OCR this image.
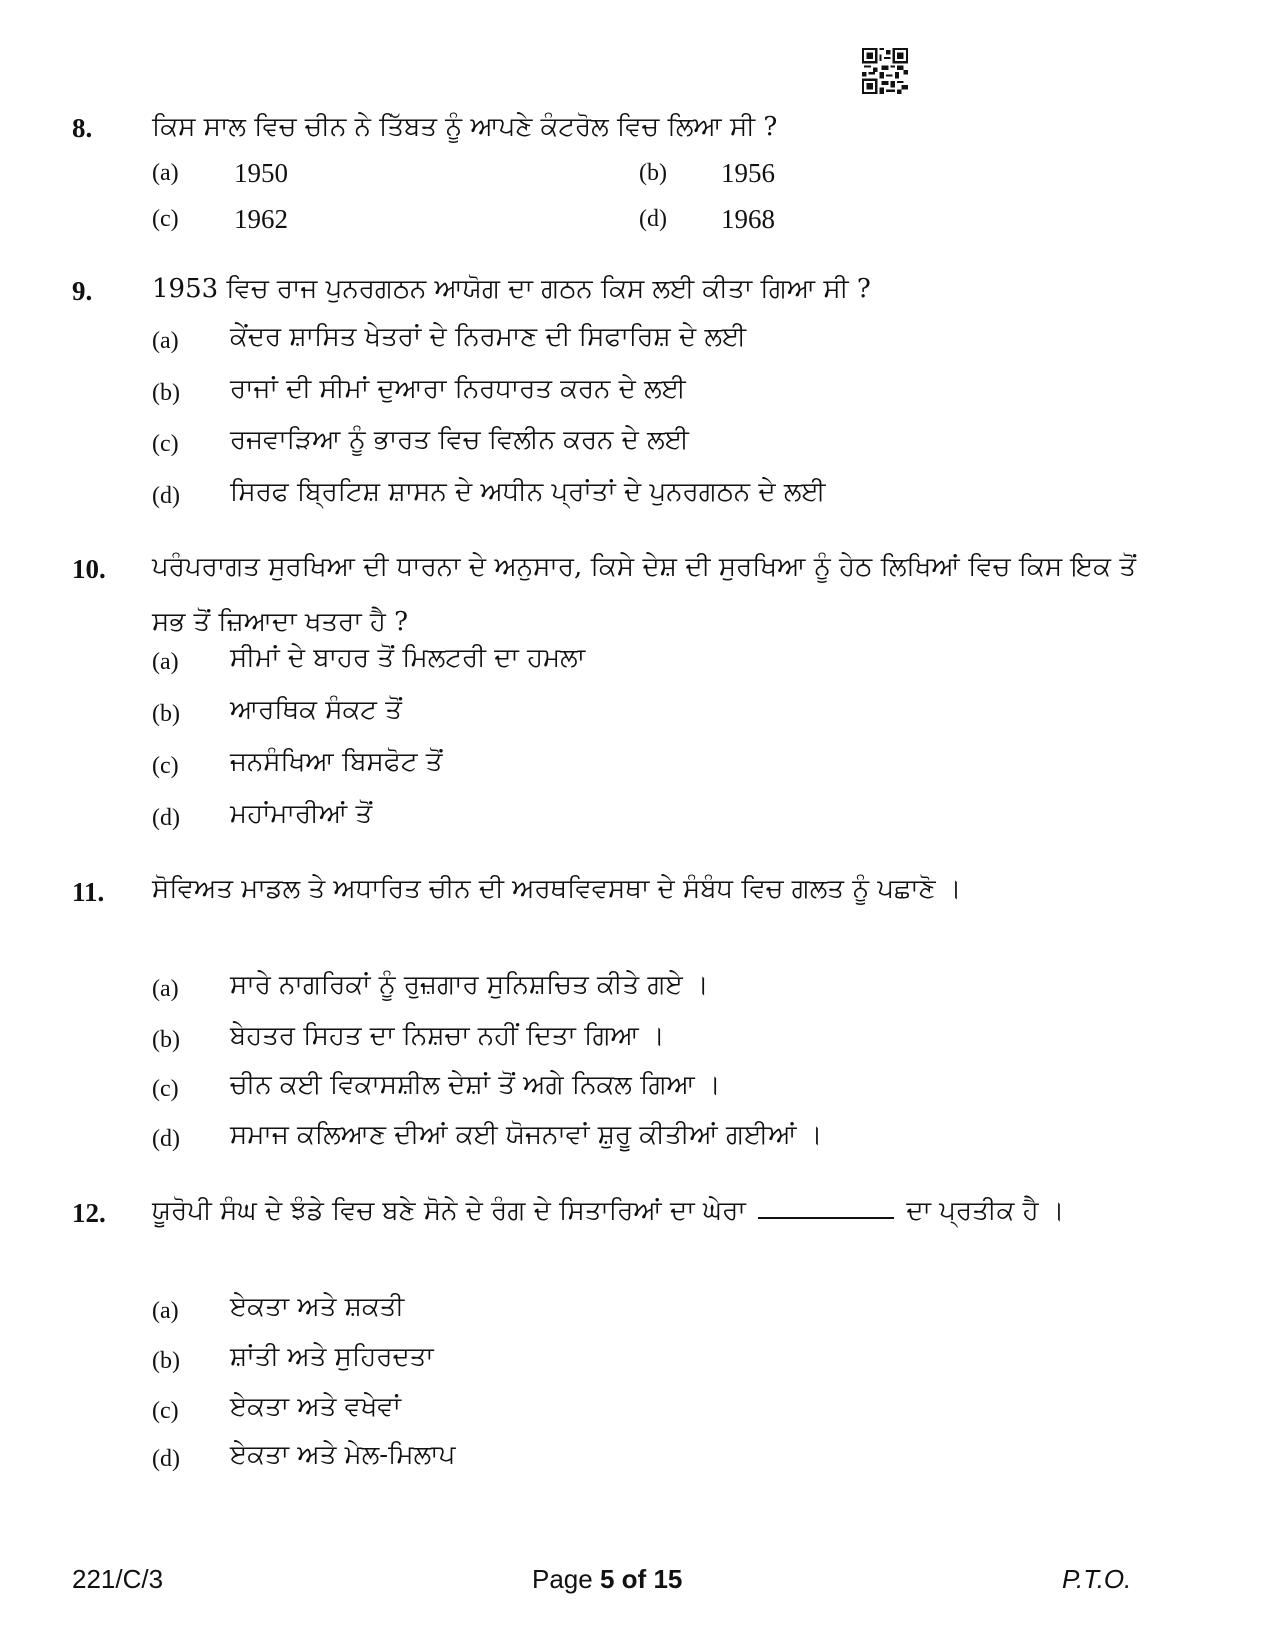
8. ਕਿਸ ਸਾਲ ਵਿਚ ਚੀਨ ਨੇ ਤਿੱਬਤ ਨੂੰ ਆਪਣੇ ਕੰਟਰੋਲ ਵਿਚ ਲਿਆ ਸੀ ?
(a) 1950	(b) 1956
(c) 1962	(d) 1968
9. 1953 ਵਿਚ ਰਾਜ ਪੁਨਰਗਠਨ ਆਯੋਗ ਦਾ ਗਠਨ ਕਿਸ ਲਈ ਕੀਤਾ ਗਿਆ ਸੀ ?
(a) ਕੇਂਦਰ ਸ਼ਾਸਿਤ ਖੇਤਰਾਂ ਦੇ ਨਿਰਮਾਣ ਦੀ ਸਿਫਾਰਿਸ਼ ਦੇ ਲਈ
(b) ਰਾਜਾਂ ਦੀ ਸੀਮਾਂ ਦੁਆਰਾ ਨਿਰਧਾਰਤ ਕਰਨ ਦੇ ਲਈ
(c) ਰਜਵਾੜਿਆ ਨੂੰ ਭਾਰਤ ਵਿਚ ਵਿਲੀਨ ਕਰਨ ਦੇ ਲਈ
(d) ਸਿਰਫ ਬ੍ਰਿਟਿਸ਼ ਸ਼ਾਸਨ ਦੇ ਅਧੀਨ ਪ੍ਰਾਂਤਾਂ ਦੇ ਪੁਨਰਗਠਨ ਦੇ ਲਈ
10. ਪਰੰਪਰਾਗਤ ਸੁਰਖਿਆ ਦੀ ਧਾਰਨਾ ਦੇ ਅਨੁਸਾਰ, ਕਿਸੇ ਦੇਸ਼ ਦੀ ਸੁਰਖਿਆ ਨੂੰ ਹੇਠ ਲਿਖਿਆਂ ਵਿਚ ਕਿਸ ਇਕ ਤੋਂ ਸਭ ਤੋਂ ਜ਼ਿਆਦਾ ਖਤਰਾ ਹੈ ?
(a) ਸੀਮਾਂ ਦੇ ਬਾਹਰ ਤੋਂ ਮਿਲਟਰੀ ਦਾ ਹਮਲਾ
(b) ਆਰਥਿਕ ਸੰਕਟ ਤੋਂ
(c) ਜਨਸੰਖਿਆ ਬਿਸਫੋਟ ਤੋਂ
(d) ਮਹਾਂਮਾਰੀਆਂ ਤੋਂ
11. ਸੋਵਿਅਤ ਮਾਡਲ ਤੇ ਅਧਾਰਿਤ ਚੀਨ ਦੀ ਅਰਥਵਿਵਸਥਾ ਦੇ ਸੰਬੰਧ ਵਿਚ ਗਲਤ ਨੂੰ ਪਛਾਣੋ ।
(a) ਸਾਰੇ ਨਾਗਰਿਕਾਂ ਨੂੰ ਰੁਜ਼ਗਾਰ ਸੁਨਿਸ਼ਚਿਤ ਕੀਤੇ ਗਏ ।
(b) ਬੇਹਤਰ ਸਿਹਤ ਦਾ ਨਿਸ਼ਚਾ ਨਹੀਂ ਦਿਤਾ ਗਿਆ ।
(c) ਚੀਨ ਕਈ ਵਿਕਾਸਸ਼ੀਲ ਦੇਸ਼ਾਂ ਤੋਂ ਅਗੇ ਨਿਕਲ ਗਿਆ ।
(d) ਸਮਾਜ ਕਲਿਆਣ ਦੀਆਂ ਕਈ ਯੋਜਨਾਵਾਂ ਸ਼ੁਰੂ ਕੀਤੀਆਂ ਗਈਆਂ ।
12. ਯੂਰੋਪੀ ਸੰਘ ਦੇ ਝੰਡੇ ਵਿਚ ਬਣੇ ਸੋਨੇ ਦੇ ਰੰਗ ਦੇ ਸਿਤਾਰਿਆਂ ਦਾ ਘੇਰਾ	ਦਾ ਪ੍ਰਤੀਕ ਹੈ ।
(a) ਏਕਤਾ ਅਤੇ ਸ਼ਕਤੀ
(b) ਸ਼ਾਂਤੀ ਅਤੇ ਸੁਹਿਰਦਤਾ
(c) ਏਕਤਾ ਅਤੇ ਵਖੇਵਾਂ
(d) ਏਕਤਾ ਅਤੇ ਮੇਲ-ਮਿਲਾਪ
221/C/3	Page 5 of 15	P.T.O.
